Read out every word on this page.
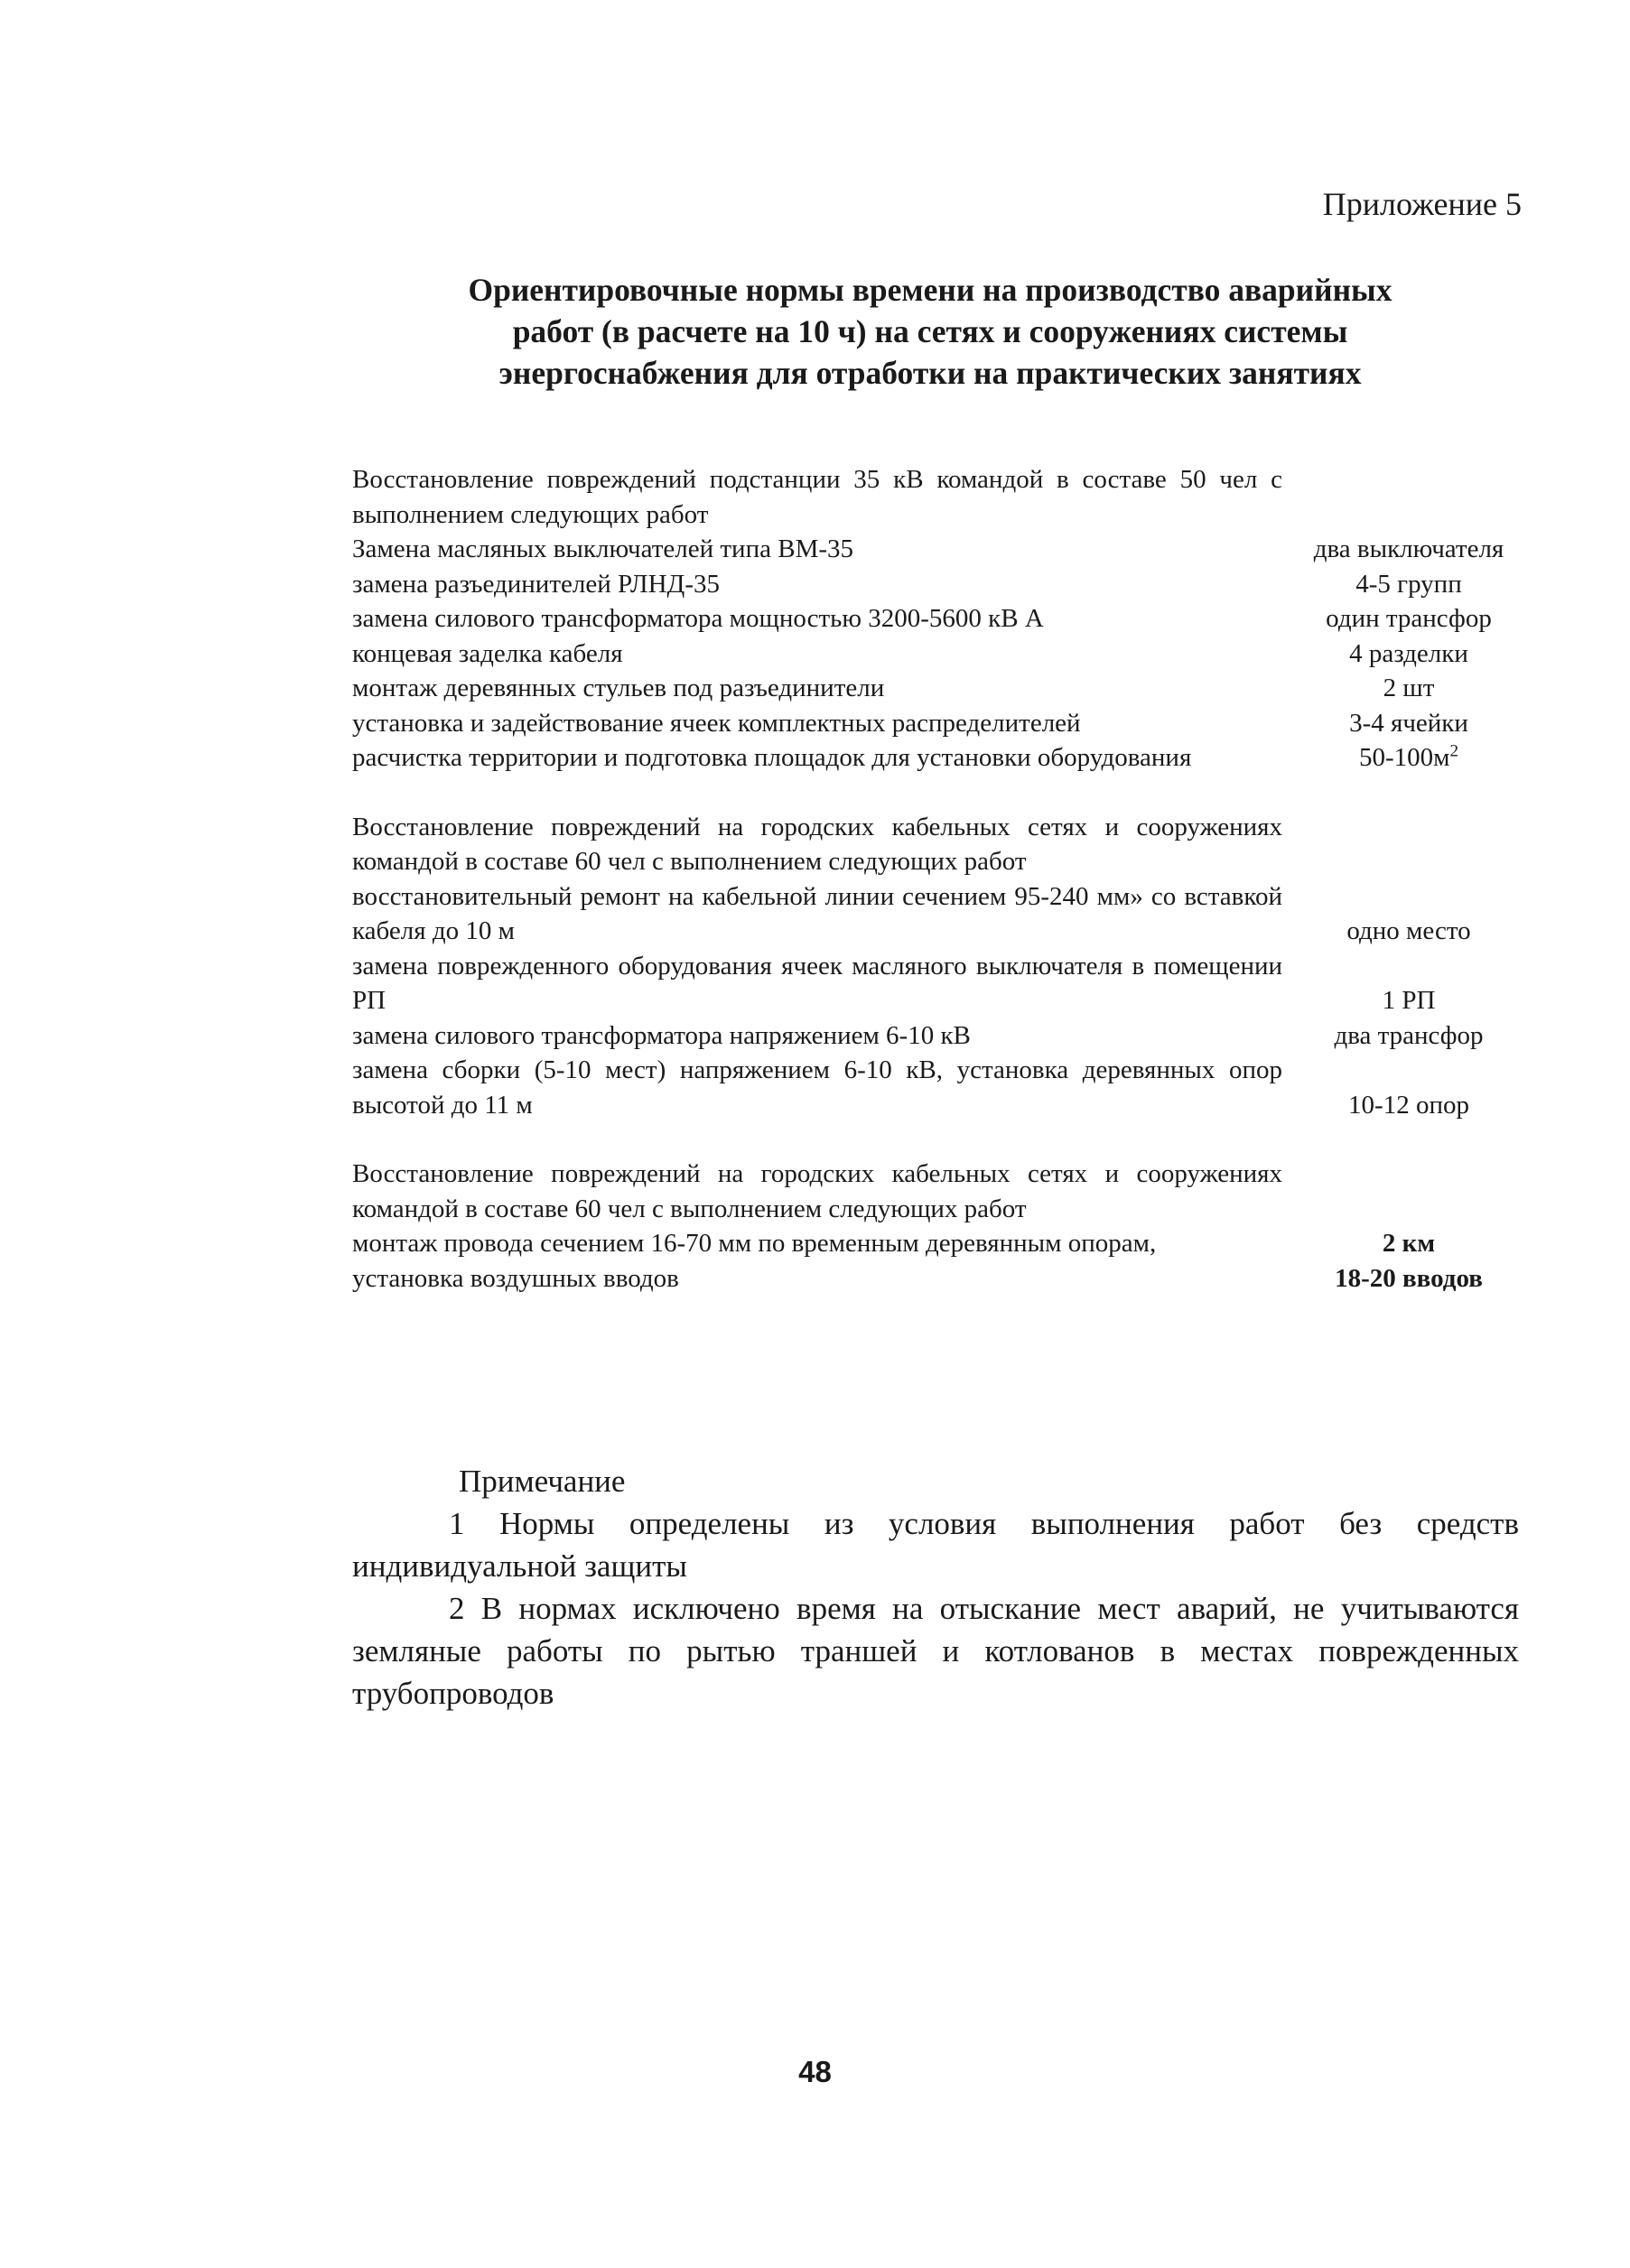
Приложение 5
Ориентировочные нормы времени на производство аварийных
работ (в расчете на 10 ч) на сетях и сооружениях системы
энергоснабжения для отработки на практических занятиях
Восстановление повреждений подстанции 35 кВ командой в составе 50 чел с выполнением следующих работ
Замена масляных выключателей типа ВМ-35	два выключателя
замена разъединителей РЛНД-35	4-5 групп
замена силового трансформатора мощностью 3200-5600 кВ А	один трансфор
концевая заделка кабеля	4 разделки
монтаж деревянных стульев под разъединители	2 шт
установка и задействование ячеек комплектных распределителей	3-4 ячейки
расчистка территории и подготовка площадок для установки оборудования	$50-100м^2$
Восстановление повреждений на городских кабельных сетях и сооружениях командой в составе 60 чел с выполнением следующих работ
восстановительный ремонт на кабельной линии сечением 95-240 мм» со вставкой кабеля до 10 м	одно место
замена поврежденного оборудования ячеек масляного выключателя в помещении РП	1 РП
замена силового трансформатора напряжением 6-10 кВ	два трансфор
замена сборки (5-10 мест) напряжением 6-10 кВ, установка деревянных опор высотой до 11 м	10-12 опор
Восстановление повреждений на городских кабельных сетях и сооружениях командой в составе 60 чел с выполнением следующих работ
монтаж провода сечением 16-70 мм по временным деревянным опорам,	2 км
установка воздушных вводов	18-20 вводов
Примечание
1 Нормы определены из условия выполнения работ без средств индивидуальной защиты
2 В нормах исключено время на отыскание мест аварий, не учитываются земляные работы по рытью траншей и котлованов в местах поврежденных трубопроводов
48
